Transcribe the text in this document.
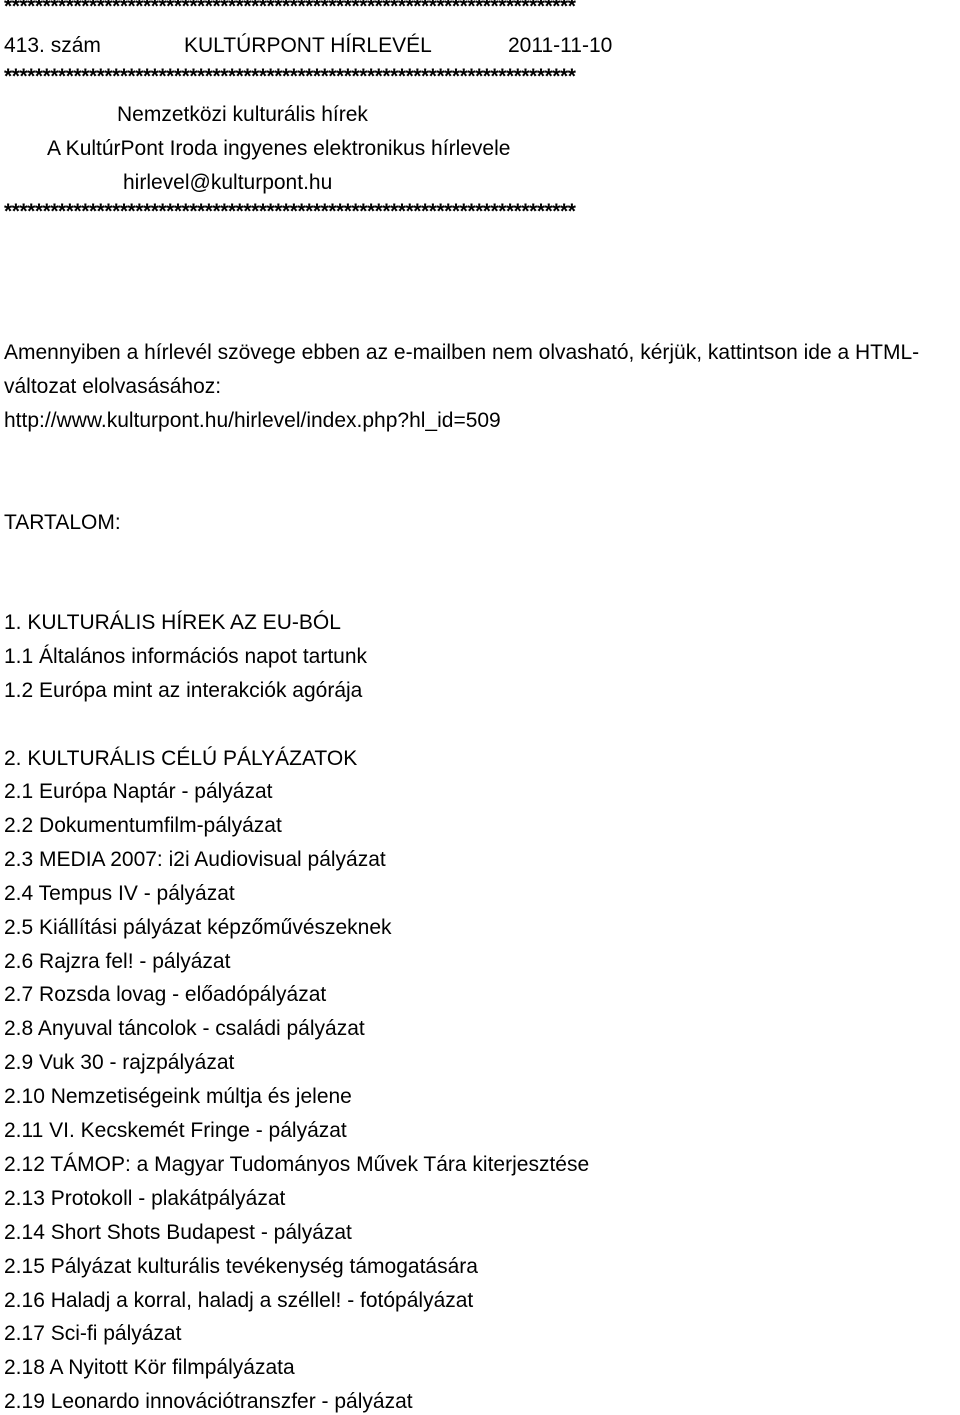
**************************************************************************
413. szám	KULTÚRPONT HÍRLEVÉL	2011-11-10
**************************************************************************
Nemzetközi kulturális hírek
A KultúrPont Iroda ingyenes elektronikus hírlevele
hirlevel@kulturpont.hu
**************************************************************************
Amennyiben a hírlevél szövege ebben az e-mailben nem olvasható, kérjük, kattintson ide a HTML-
változat elolvasásához:
http://www.kulturpont.hu/hirlevel/index.php?hl_id=509
TARTALOM:
1. KULTURÁLIS HÍREK AZ EU-BÓL
1.1 Általános információs napot tartunk
1.2 Európa mint az interakciók agórája
2. KULTURÁLIS CÉLÚ PÁLYÁZATOK
2.1 Európa Naptár - pályázat
2.2 Dokumentumfilm-pályázat
2.3 MEDIA 2007: i2i Audiovisual pályázat
2.4 Tempus IV - pályázat
2.5 Kiállítási pályázat képzőművészeknek
2.6 Rajzra fel! - pályázat
2.7 Rozsda lovag - előadópályázat
2.8 Anyuval táncolok - családi pályázat
2.9 Vuk 30 - rajzpályázat
2.10 Nemzetiségeink múltja és jelene
2.11 VI. Kecskemét Fringe - pályázat
2.12 TÁMOP: a Magyar Tudományos Művek Tára kiterjesztése
2.13 Protokoll - plakátpályázat
2.14 Short Shots Budapest - pályázat
2.15 Pályázat kulturális tevékenység támogatására
2.16 Haladj a korral, haladj a széllel! - fotópályázat
2.17 Sci-fi pályázat
2.18 A Nyitott Kör filmpályázata
2.19 Leonardo innovációtranszfer - pályázat
